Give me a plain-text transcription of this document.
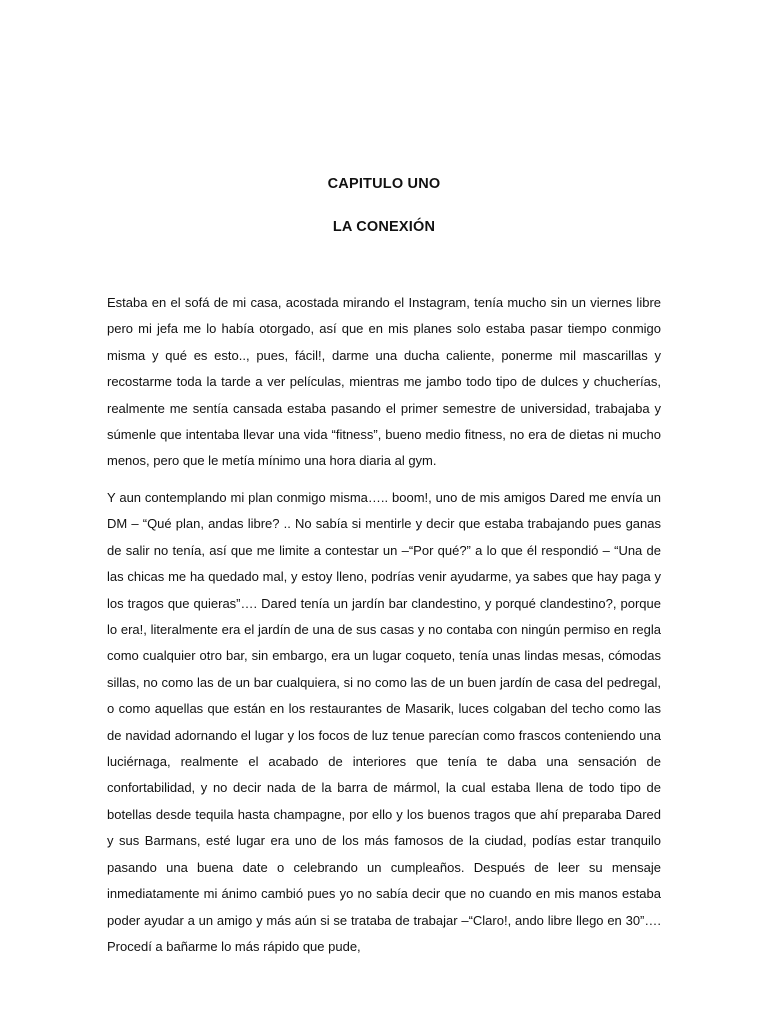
CAPITULO UNO
LA CONEXIÓN

Estaba en el sofá de mi casa, acostada mirando el Instagram, tenía mucho sin un viernes libre pero mi jefa me lo había otorgado, así que en mis planes solo estaba pasar tiempo conmigo misma y qué es esto.., pues, fácil!, darme una ducha caliente, ponerme mil mascarillas y recostarme toda la tarde a ver películas, mientras me jambo todo tipo de dulces y chucherías, realmente me sentía cansada estaba pasando el primer semestre de universidad, trabajaba y súmenle que intentaba llevar una vida “fitness”, bueno medio fitness, no era de dietas ni mucho menos, pero que le metía mínimo una hora diaria al gym.

Y aun contemplando mi plan conmigo misma….. boom!, uno de mis amigos Dared me envía un DM – “Qué plan, andas libre? .. No sabía si mentirle y decir que estaba trabajando pues ganas de salir no tenía, así que me limite a contestar un –“Por qué?” a lo que él respondió – “Una de las chicas me ha quedado mal, y estoy lleno, podrías venir ayudarme, ya sabes que hay paga y los tragos que quieras”…. Dared tenía un jardín bar clandestino, y porqué clandestino?, porque lo era!, literalmente era el jardín de una de sus casas y no contaba con ningún permiso en regla como cualquier otro bar, sin embargo, era un lugar coqueto, tenía unas lindas mesas, cómodas sillas, no como las de un bar cualquiera, si no como las de un buen jardín de casa del pedregal, o como aquellas que están en los restaurantes de Masarik, luces colgaban del techo como las de navidad adornando el lugar y los focos de luz tenue parecían como frascos conteniendo una luciérnaga, realmente el acabado de interiores que tenía te daba una sensación de confortabilidad, y no decir nada de la barra de mármol, la cual estaba llena de todo tipo de botellas desde tequila hasta champagne, por ello y los buenos tragos que ahí preparaba Dared y sus Barmans, esté lugar era uno de los más famosos de la ciudad, podías estar tranquilo pasando una buena date o celebrando un cumpleaños. Después de leer su mensaje inmediatamente mi ánimo cambió pues yo no sabía decir que no cuando en mis manos estaba poder ayudar a un amigo y más aún si se trataba de trabajar –“Claro!, ando libre llego en 30”…. Procedí a bañarme lo más rápido que pude,
